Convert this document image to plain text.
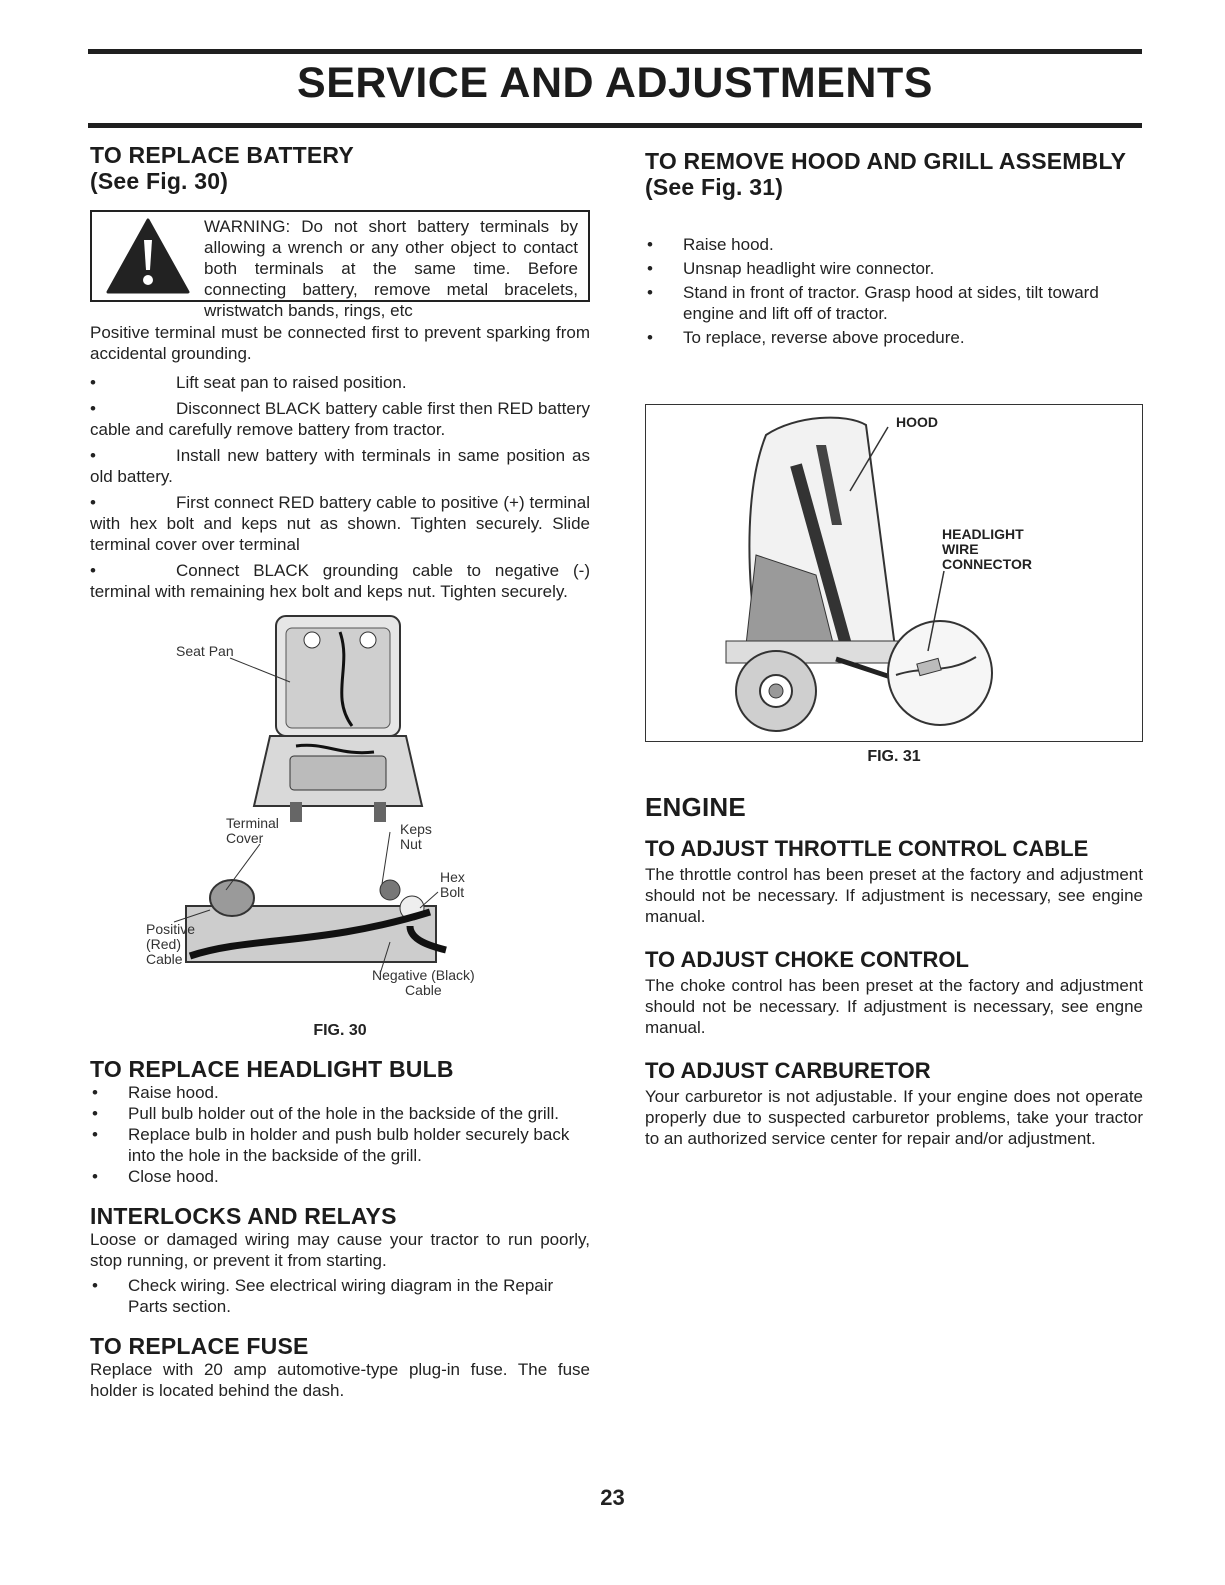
SERVICE AND ADJUSTMENTS
TO REPLACE BATTERY
(See Fig. 30)
WARNING: Do not short battery terminals by allowing a wrench or any other object to contact both terminals at the same time. Before connecting battery, remove metal bracelets, wristwatch bands, rings, etc

Positive terminal must be connected first to prevent sparking from accidental grounding.

•	Lift seat pan to raised position.

•	Disconnect BLACK battery cable first then RED battery cable and carefully remove battery from tractor.

•	Install new battery with terminals in same position as old battery.

•	First connect RED battery cable to positive (+) terminal with hex bolt and keps nut as shown. Tighten securely. Slide terminal cover over terminal

•	Connect BLACK grounding cable to negative (-) terminal with remaining hex bolt and keps nut. Tighten securely.

Seat Pan
Terminal
Cover
Keps
Nut
Hex
Bolt
Positive
(Red)
Cable
Negative (Black)
Cable
FIG. 30
TO REPLACE HEADLIGHT BULB
• Raise hood.
• Pull bulb holder out of the hole in the backside of the grill.
• Replace bulb in holder and push bulb holder securely back into the hole in the backside of the grill.
• Close hood.
INTERLOCKS AND RELAYS

Loose or damaged wiring may cause your tractor to run poorly, stop running, or prevent it from starting.

• Check wiring. See electrical wiring diagram in the Repair Parts section.
TO REPLACE FUSE

Replace with 20 amp automotive-type plug-in fuse. The fuse holder is located behind the dash.

TO REMOVE HOOD AND GRILL ASSEMBLY
(See Fig. 31)
• Raise hood.
• Unsnap headlight wire connector.
• Stand in front of tractor. Grasp hood at sides, tilt toward engine and lift off of tractor.
• To replace, reverse above procedure.
HOOD
HEADLIGHT
WIRE
CONNECTOR
FIG. 31
ENGINE
TO ADJUST THROTTLE CONTROL CABLE

The throttle control has been preset at the factory and adjustment should not be necessary. If adjustment is necessary, see engine manual.

TO ADJUST CHOKE CONTROL

The choke control has been preset at the factory and adjustment should not be necessary. If adjustment is necessary, see engne manual.

TO ADJUST CARBURETOR

Your carburetor is not adjustable. If your engine does not operate properly due to suspected carburetor problems, take your tractor to an authorized service center for repair and/or adjustment.

23
